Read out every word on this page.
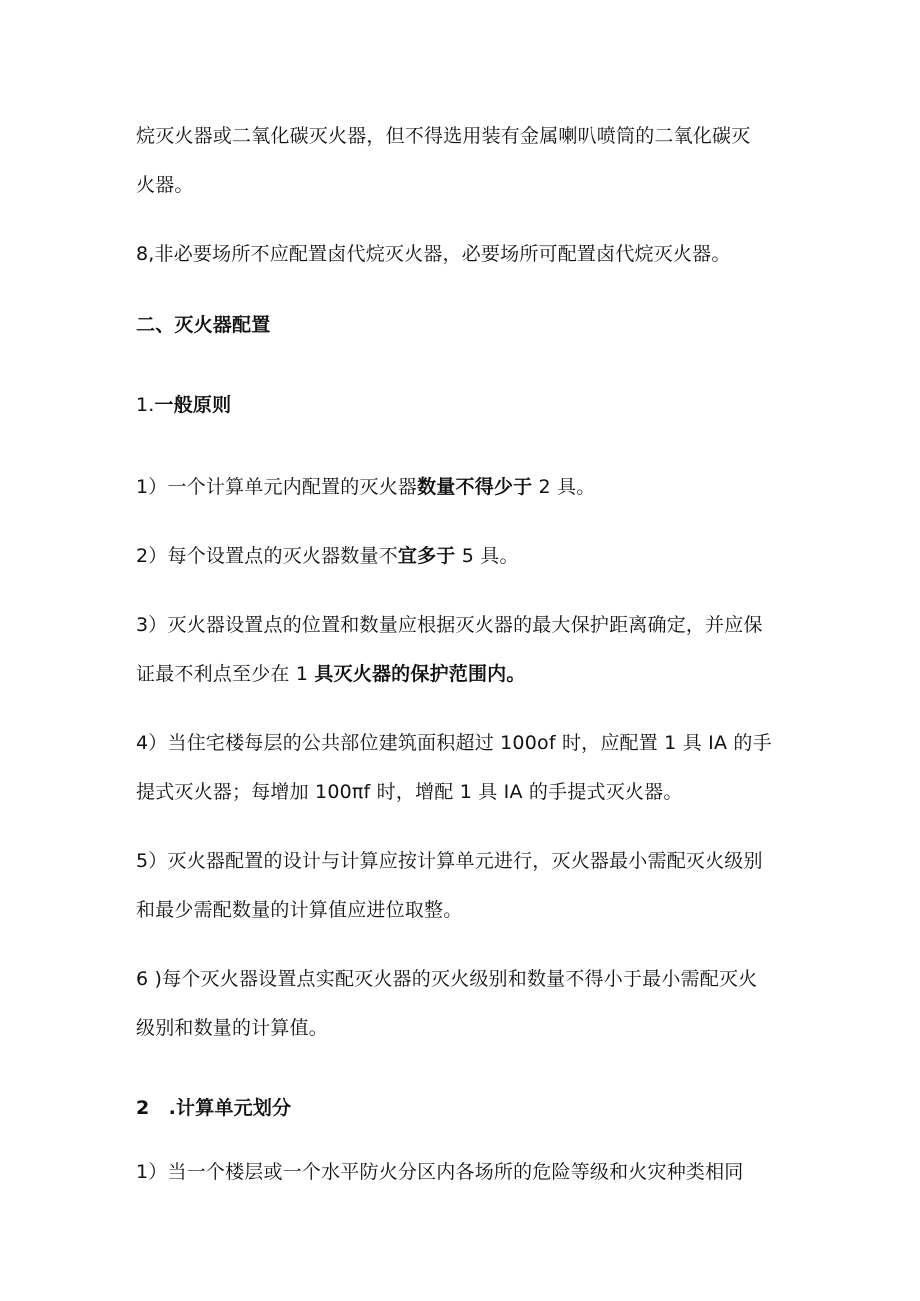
烷灭火器或二氧化碳灭火器，但不得选用装有金属喇叭喷筒的二氧化碳灭
火器。
8,非必要场所不应配置卤代烷灭火器，必要场所可配置卤代烷灭火器。
二、灭火器配置
1.一般原则
1）一个计算单元内配置的灭火器数量不得少于 2 具。
2）每个设置点的灭火器数量不宜多于 5 具。
3）灭火器设置点的位置和数量应根据灭火器的最大保护距离确定，并应保
证最不利点至少在 1 具灭火器的保护范围内。
4）当住宅楼每层的公共部位建筑面积超过 100of 时，应配置 1 具 IA 的手
提式灭火器；每增加 100πf 时，增配 1 具 IA 的手提式灭火器。
5）灭火器配置的设计与计算应按计算单元进行，灭火器最小需配灭火级别
和最少需配数量的计算值应进位取整。
6 )每个灭火器设置点实配灭火器的灭火级别和数量不得小于最小需配灭火
级别和数量的计算值。
2　.计算单元划分
1）当一个楼层或一个水平防火分区内各场所的危险等级和火灾种类相同
